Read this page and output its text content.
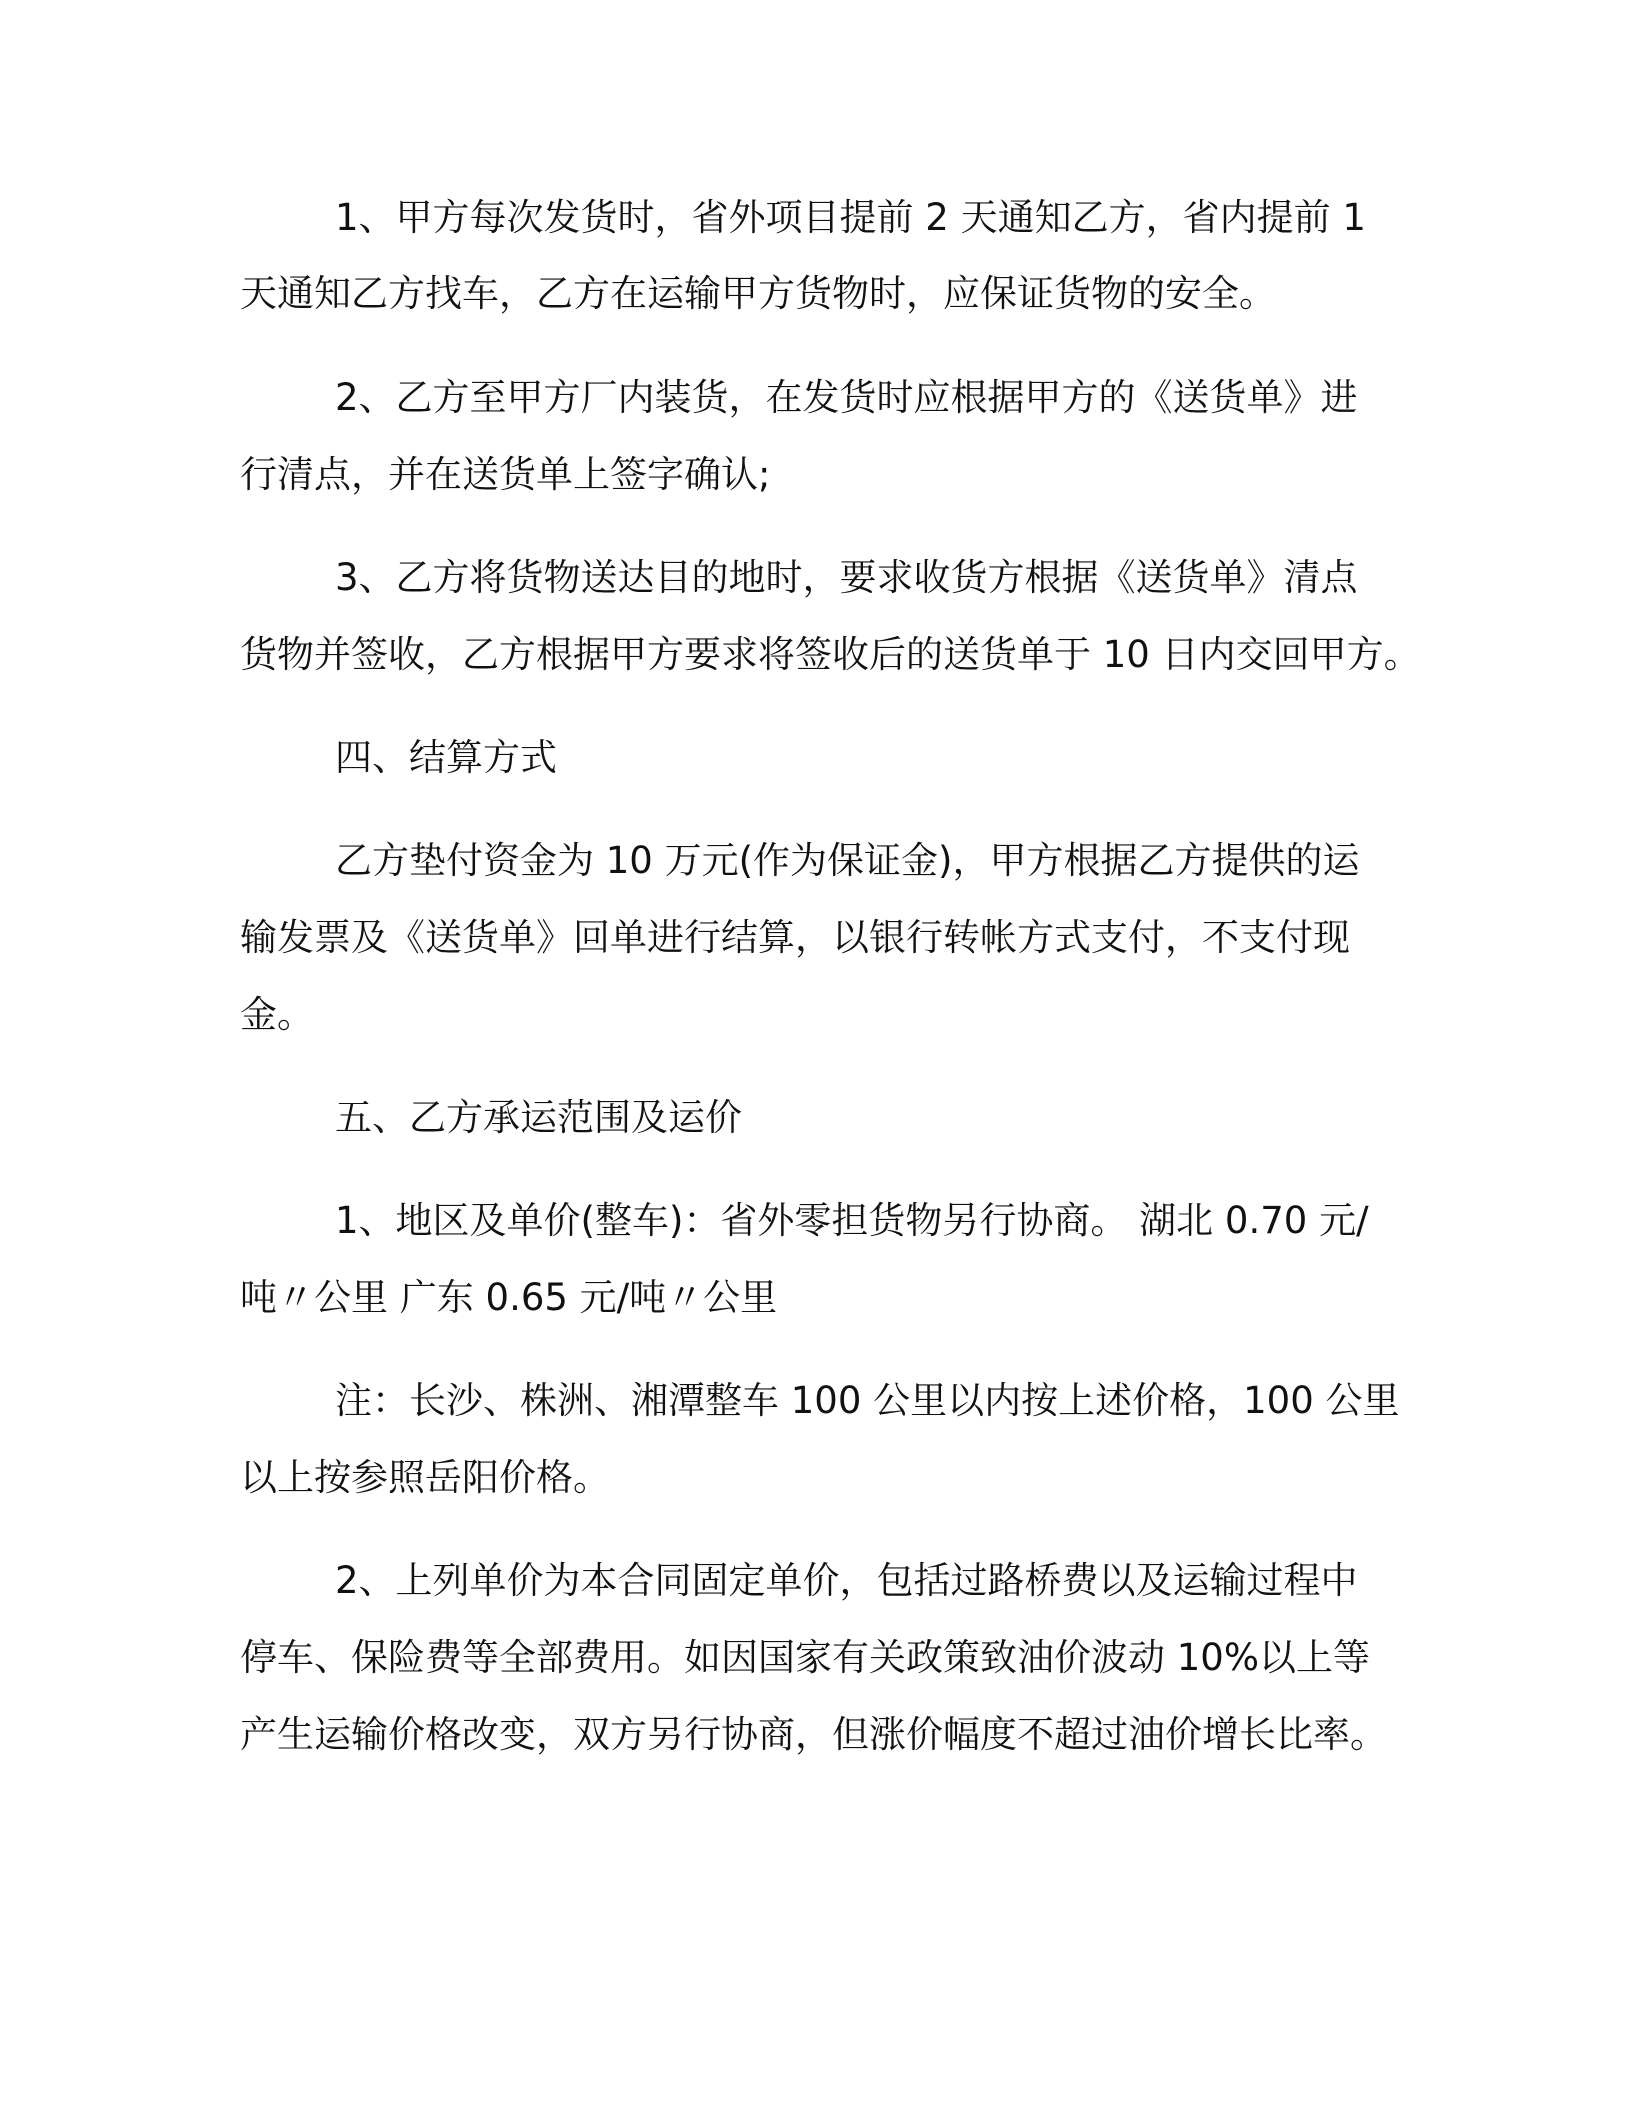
1、甲方每次发货时，省外项目提前 2 天通知乙方，省内提前 1

天通知乙方找车，乙方在运输甲方货物时，应保证货物的安全。

2、乙方至甲方厂内装货，在发货时应根据甲方的《送货单》进

行清点，并在送货单上签字确认;

3、乙方将货物送达目的地时，要求收货方根据《送货单》清点

货物并签收，乙方根据甲方要求将签收后的送货单于 10 日内交回甲方。

四、结算方式

乙方垫付资金为 10 万元(作为保证金)，甲方根据乙方提供的运

输发票及《送货单》回单进行结算，以银行转帐方式支付，不支付现

金。

五、乙方承运范围及运价

1、地区及单价(整车)：省外零担货物另行协商。 湖北 0.70 元/

吨〃公里 广东 0.65 元/吨〃公里

注：长沙、株洲、湘潭整车 100 公里以内按上述价格，100 公里

以上按参照岳阳价格。

2、上列单价为本合同固定单价，包括过路桥费以及运输过程中

停车、保险费等全部费用。如因国家有关政策致油价波动 10%以上等

产生运输价格改变，双方另行协商，但涨价幅度不超过油价增长比率。
